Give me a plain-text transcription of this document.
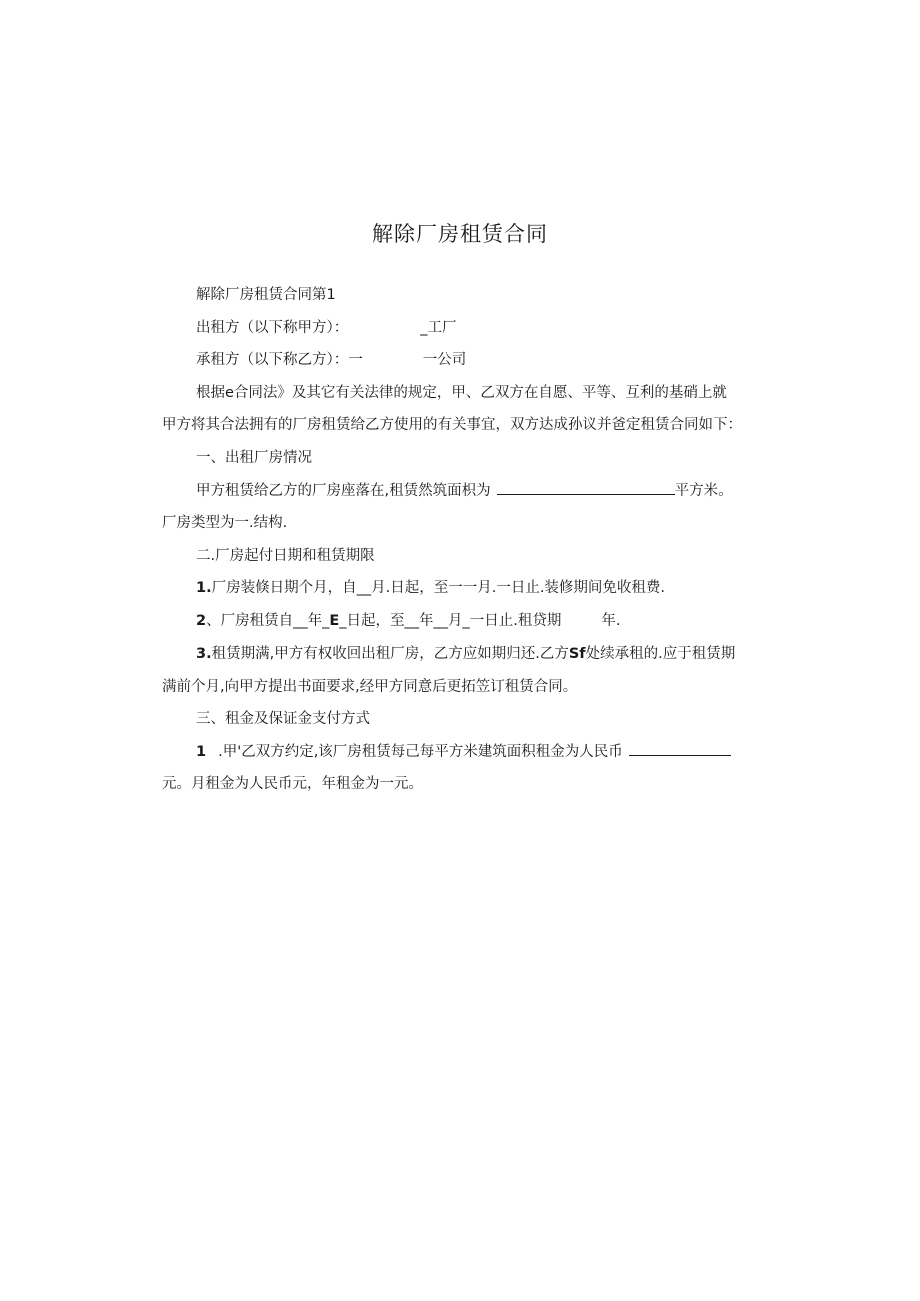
解除厂房租赁合同
解除厂房租赁合同第1
出租方（以下称甲方）：	_工厂
承租方（以下称乙方）：一	一公司
根据e合同法》及其它有关法律的规定，甲、乙双方在自愿、平等、互利的基硝上就
甲方将其合法拥有的厂房租赁给乙方使用的有关事宜，双方达成孙议并爸定租赁合同如下：
一、出租厂房情况
甲方租赁给乙方的厂房座落在,租赁然筑面枳为	平方米。
厂房类型为一.结构.
二.厂房起付日期和租赁期限
1.厂房装倏日期个月，自__月.日起，至一一月.一日止.装修期间免收租费.
2、厂房租赁自__年_E_日起，至__年__月_一日止.租贷期	年.
3.租赁期满,甲方有权收回出租厂房，乙方应如期归还.乙方Sf处续承租的.应于租赁期
满前个月,向甲方提出书面要求,经甲方同意后更拓笠订租赁合同。
三、租金及保证金支付方式
1 .甲'乙双方约定,该厂房租赁每己每平方米建筑面积租金为人民币
元。月租金为人民币元，年租金为一元。
